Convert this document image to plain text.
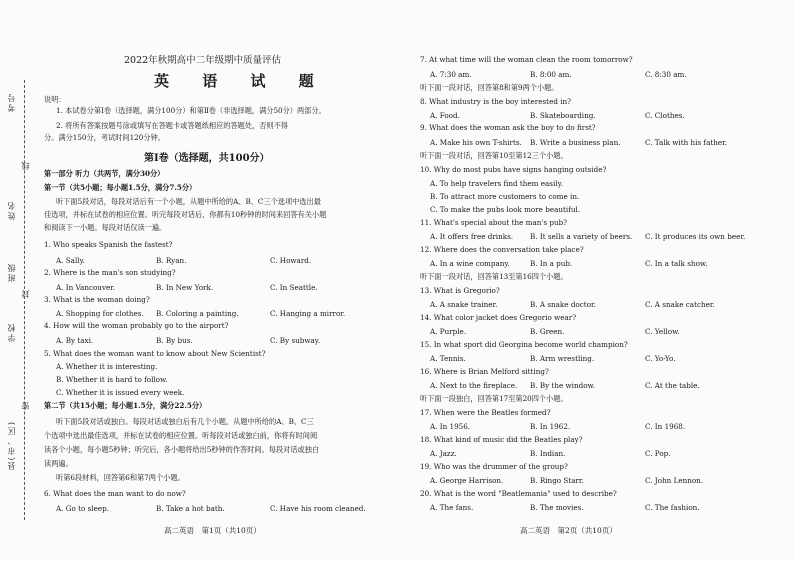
考号
线
姓名
班级
封
学校
密
县(市、区)
2022年秋期高中二年级期中质量评估
英 语 试 题
说明：
1. 本试卷分第Ⅰ卷（选择题，满分100分）和第Ⅱ卷（非选择题，满分50分）两部分。
2. 将所有答案按题号涂或填写在答题卡或答题纸相应的答题处，否则不得
分。满分150分，考试时间120分钟。
第Ⅰ卷（选择题，共100分）
第一部分 听力（共两节，满分30分）
第一节（共5小题；每小题1.5分，满分7.5分）
听下面5段对话，每段对话后有一个小题，从题中所给的A、B、C三个选项中选出最
佳选项，并标在试卷的相应位置。听完每段对话后，你都有10秒钟的时间来回答有关小题
和阅读下一小题。每段对话仅读一遍。
1. Who speaks Spanish the fastest?
A. Sally.	B. Ryan.	C. Howard.
2. Where is the man's son studying?
A. In Vancouver.	B. In New York.	C. In Seattle.
3. What is the woman doing?
A. Shopping for clothes. B. Coloring a painting.	C. Hanging a mirror.
4. How will the woman probably go to the airport?
A. By taxi.	B. By bus.	C. By subway.
5. What does the woman want to know about New Scientist?
A. Whether it is interesting.
B. Whether it is hard to follow.
C. Whether it is issued every week.
第二节（共15小题；每小题1.5分，满分22.5分）
听下面5段对话或独白。每段对话或独白后有几个小题，从题中所给的A、B、C三
个选项中选出最佳选项，并标在试卷的相应位置。听每段对话或独白前，你将有时间阅
读各个小题，每小题5秒钟；听完后，各小题将给出5秒钟的作答时间。每段对话或独白
读两遍。
听第6段材料，回答第6和第7两个小题。
6. What does the man want to do now?
A. Go to sleep.	B. Take a hot bath.	C. Have his room cleaned.
高二英语　第1页（共10页）
7. At what time will the woman clean the room tomorrow?
A. 7:30 am.	B. 8:00 am.	C. 8:30 am.
听下面一段对话，回答第8和第9两个小题。
8. What industry is the boy interested in?
A. Food.	B. Skateboarding.	C. Clothes.
9. What does the woman ask the boy to do first?
A. Make his own T-shirts. B. Write a business plan.	C. Talk with his father.
听下面一段对话，回答第10至第12三个小题。
10. Why do most pubs have signs hanging outside?
A. To help travelers find them easily.
B. To attract more customers to come in.
C. To make the pubs look more beautiful.
11. What's special about the man's pub?
A. It offers free drinks. B. It sells a variety of beers. C. It produces its own beer.
12. Where does the conversation take place?
A. In a wine company.	B. In a pub.	C. In a talk show.
听下面一段对话，回答第13至第16四个小题。
13. What is Gregorio?
A. A snake trainer.	B. A snake doctor.	C. A snake catcher.
14. What color jacket does Gregorio wear?
A. Purple.	B. Green.	C. Yellow.
15. In what sport did Georgina become world champion?
A. Tennis.	B. Arm wrestling.	C. Yo-Yo.
16. Where is Brian Melford sitting?
A. Next to the fireplace. B. By the window.	C. At the table.
听下面一段独白，回答第17至第20四个小题。
17. When were the Beatles formed?
A. In 1956.	B. In 1962.	C. In 1968.
18. What kind of music did the Beatles play?
A. Jazz.	B. Indian.	C. Pop.
19. Who was the drummer of the group?
A. George Harrison.	B. Ringo Starr.	C. John Lennon.
20. What is the word "Beatlemania" used to describe?
A. The fans.	B. The movies.	C. The fashion.
高二英语　第2页（共10页）
